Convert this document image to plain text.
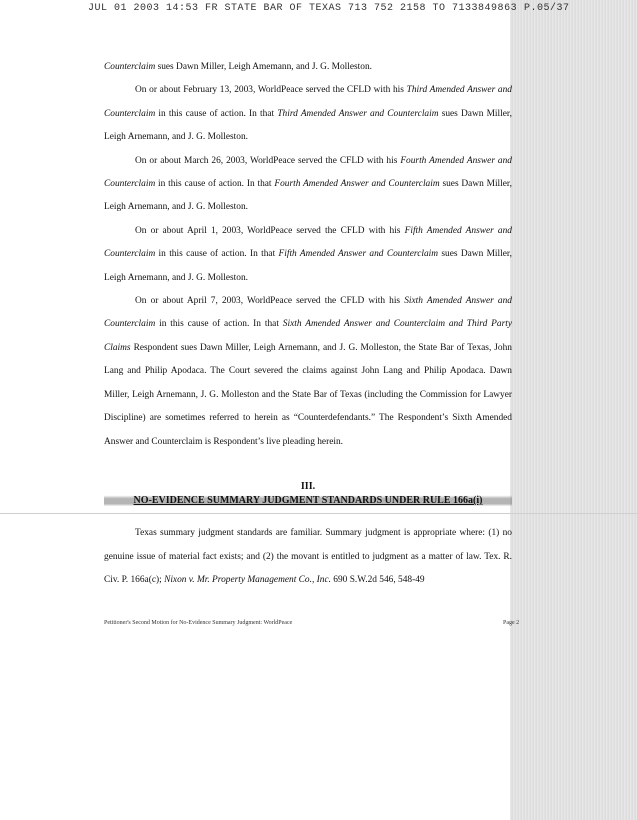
JUL 01 2003 14:53 FR STATE BAR OF TEXAS 713 752 2158 TO 7133849863 P.05/37

Counterclaim sues Dawn Miller, Leigh Amemann, and J. G. Molleston.

On or about February 13, 2003, WorldPeace served the CFLD with his Third Amended Answer and Counterclaim in this cause of action. In that Third Amended Answer and Counterclaim sues Dawn Miller, Leigh Arnemann, and J. G. Molleston.

On or about March 26, 2003, WorldPeace served the CFLD with his Fourth Amended Answer and Counterclaim in this cause of action. In that Fourth Amended Answer and Counterclaim sues Dawn Miller, Leigh Arnemann, and J. G. Molleston.

On or about April 1, 2003, WorldPeace served the CFLD with his Fifth Amended Answer and Counterclaim in this cause of action. In that Fifth Amended Answer and Counterclaim sues Dawn Miller, Leigh Arnemann, and J. G. Molleston.

On or about April 7, 2003, WorldPeace served the CFLD with his Sixth Amended Answer and Counterclaim in this cause of action. In that Sixth Amended Answer and Counterclaim and Third Party Claims Respondent sues Dawn Miller, Leigh Arnemann, and J. G. Molleston, the State Bar of Texas, John Lang and Philip Apodaca. The Court severed the claims against John Lang and Philip Apodaca. Dawn Miller, Leigh Arnemann, J. G. Molleston and the State Bar of Texas (including the Commission for Lawyer Discipline) are sometimes referred to herein as “Counterdefendants.” The Respondent’s Sixth Amended Answer and Counterclaim is Respondent’s live pleading herein.

III.
NO-EVIDENCE SUMMARY JUDGMENT STANDARDS UNDER RULE 166a(i)

Texas summary judgment standards are familiar. Summary judgment is appropriate where: (1) no genuine issue of material fact exists; and (2) the movant is entitled to judgment as a matter of law. Tex. R. Civ. P. 166a(c); Nixon v. Mr. Property Management Co., Inc. 690 S.W.2d 546, 548-49

Petitioner's Second Motion for No-Evidence Summary Judgment: WorldPeace	Page 2
